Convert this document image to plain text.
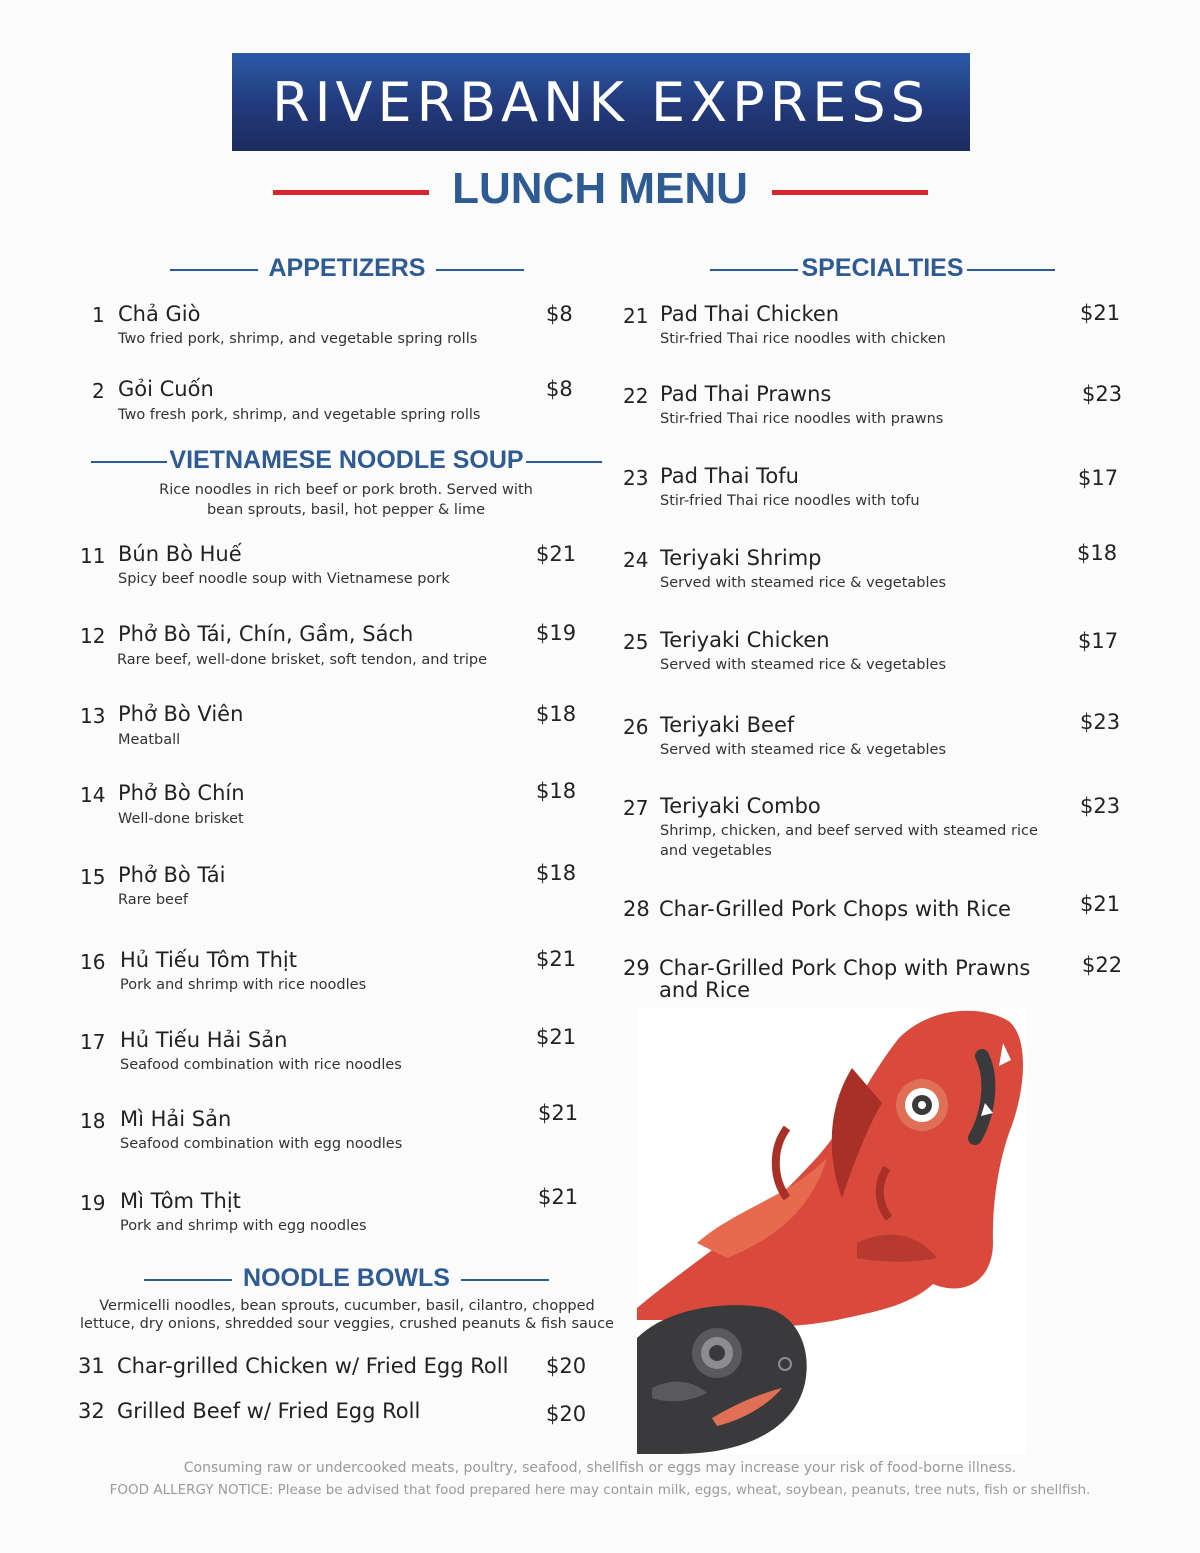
RIVERBANK EXPRESS
LUNCH MENU
APPETIZERS
1 Chả Giò
Two fried pork, shrimp, and vegetable spring rolls
$8
2 Gỏi Cuốn
Two fresh pork, shrimp, and vegetable spring rolls
$8
VIETNAMESE NOODLE SOUP
Rice noodles in rich beef or pork broth. Served with
bean sprouts, basil, hot pepper & lime
11 Bún Bò Huế
Spicy beef noodle soup with Vietnamese pork
$21
12 Phở Bò Tái, Chín, Gầm, Sách
Rare beef, well-done brisket, soft tendon, and tripe
$19
13 Phở Bò Viên
Meatball
$18
14 Phở Bò Chín
Well-done brisket
$18
15 Phở Bò Tái
Rare beef
$18
16 Hủ Tiếu Tôm Thịt
Pork and shrimp with rice noodles
$21
17 Hủ Tiếu Hải Sản
Seafood combination with rice noodles
$21
18 Mì Hải Sản
Seafood combination with egg noodles
$21
19 Mì Tôm Thịt
Pork and shrimp with egg noodles
$21
NOODLE BOWLS
Vermicelli noodles, bean sprouts, cucumber, basil, cilantro, chopped
lettuce, dry onions, shredded sour veggies, crushed peanuts & fish sauce
31 Char-grilled Chicken w/ Fried Egg Roll $20
32 Grilled Beef w/ Fried Egg Roll	$20
SPECIALTIES
21 Pad Thai Chicken
Stir-fried Thai rice noodles with chicken
$21
22 Pad Thai Prawns
Stir-fried Thai rice noodles with prawns
$23
23 Pad Thai Tofu
Stir-fried Thai rice noodles with tofu
$17
24 Teriyaki Shrimp
Served with steamed rice & vegetables
$18
25 Teriyaki Chicken
Served with steamed rice & vegetables
$17
26 Teriyaki Beef
Served with steamed rice & vegetables
$23
27 Teriyaki Combo
Shrimp, chicken, and beef served with steamed rice
and vegetables
$23
28 Char-Grilled Pork Chops with Rice	$21
29 Char-Grilled Pork Chop with Prawns
and Rice
$22
Consuming raw or undercooked meats, poultry, seafood, shellfish or eggs may increase your risk of food-borne illness.
FOOD ALLERGY NOTICE: Please be advised that food prepared here may contain milk, eggs, wheat, soybean, peanuts, tree nuts, fish or shellfish.
